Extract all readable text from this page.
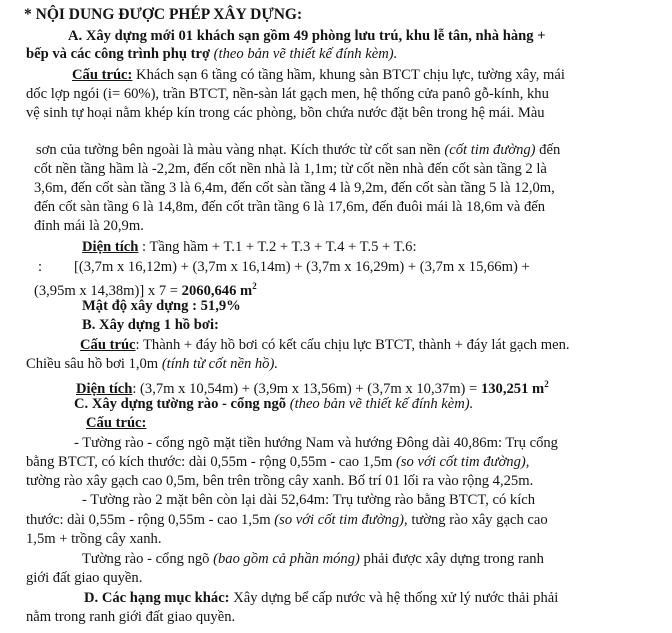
* NỘI DUNG ĐƯỢC PHÉP XÂY DỰNG:
A. Xây dựng mới 01 khách sạn gồm 49 phòng lưu trú, khu lễ tân, nhà hàng +
bếp và các công trình phụ trợ (theo bản vẽ thiết kế đính kèm).
Cấu trúc: Khách sạn 6 tầng có tầng hầm, khung sàn BTCT chịu lực, tường xây, mái
dốc lợp ngói (i= 60%), trần BTCT, nền-sàn lát gạch men, hệ thống cửa panô gỗ-kính, khu
vệ sinh tự hoại nằm khép kín trong các phòng, bồn chứa nước đặt bên trong hệ mái. Màu
sơn của tường bên ngoài là màu vàng nhạt. Kích thước từ cốt san nền (cốt tim đường) đến
cốt nền tầng hầm là -2,2m, đến cốt nền nhà là 1,1m; từ cốt nền nhà đến cốt sàn tầng 2 là
3,6m, đến cốt sàn tầng 3 là 6,4m, đến cốt sàn tầng 4 là 9,2m, đến cốt sàn tầng 5 là 12,0m,
đến cốt sàn tầng 6 là 14,8m, đến cốt trần tầng 6 là 17,6m, đến đuôi mái là 18,6m và đến
đỉnh mái là 20,9m.
Diện tích : Tầng hầm + T.1 + T.2 + T.3 + T.4 + T.5 + T.6:
: [(3,7m x 16,12m) + (3,7m x 16,14m) + (3,7m x 16,29m) + (3,7m x 15,66m) +
(3,95m x 14,38m)] x 7 = 2060,646 $m^2$
Mật độ xây dựng : 51,9%
B. Xây dựng 1 hồ bơi:
Cấu trúc: Thành + đáy hồ bơi có kết cấu chịu lực BTCT, thành + đáy lát gạch men.
Chiều sâu hồ bơi 1,0m (tính từ cốt nền hồ).
Diện tích: (3,7m x 10,54m) + (3,9m x 13,56m) + (3,7m x 10,37m) = 130,251 $m^2$
C. Xây dựng tường rào - cổng ngõ (theo bản vẽ thiết kế đính kèm).
Cấu trúc:
- Tường rào - cổng ngõ mặt tiền hướng Nam và hướng Đông dài 40,86m: Trụ cổng
bằng BTCT, có kích thước: dài 0,55m - rộng 0,55m - cao 1,5m (so với cốt tim đường),
tường rào xây gạch cao 0,5m, bên trên trồng cây xanh. Bố trí 01 lối ra vào rộng 4,25m.
- Tường rào 2 mặt bên còn lại dài 52,64m: Trụ tường rào bằng BTCT, có kích
thước: dài 0,55m - rộng 0,55m - cao 1,5m (so với cốt tim đường), tường rào xây gạch cao
1,5m + trồng cây xanh.
Tường rào - cổng ngõ (bao gồm cả phần móng) phải được xây dựng trong ranh
giới đất giao quyền.
D. Các hạng mục khác: Xây dựng bể cấp nước và hệ thống xử lý nước thải phải
nằm trong ranh giới đất giao quyền.
